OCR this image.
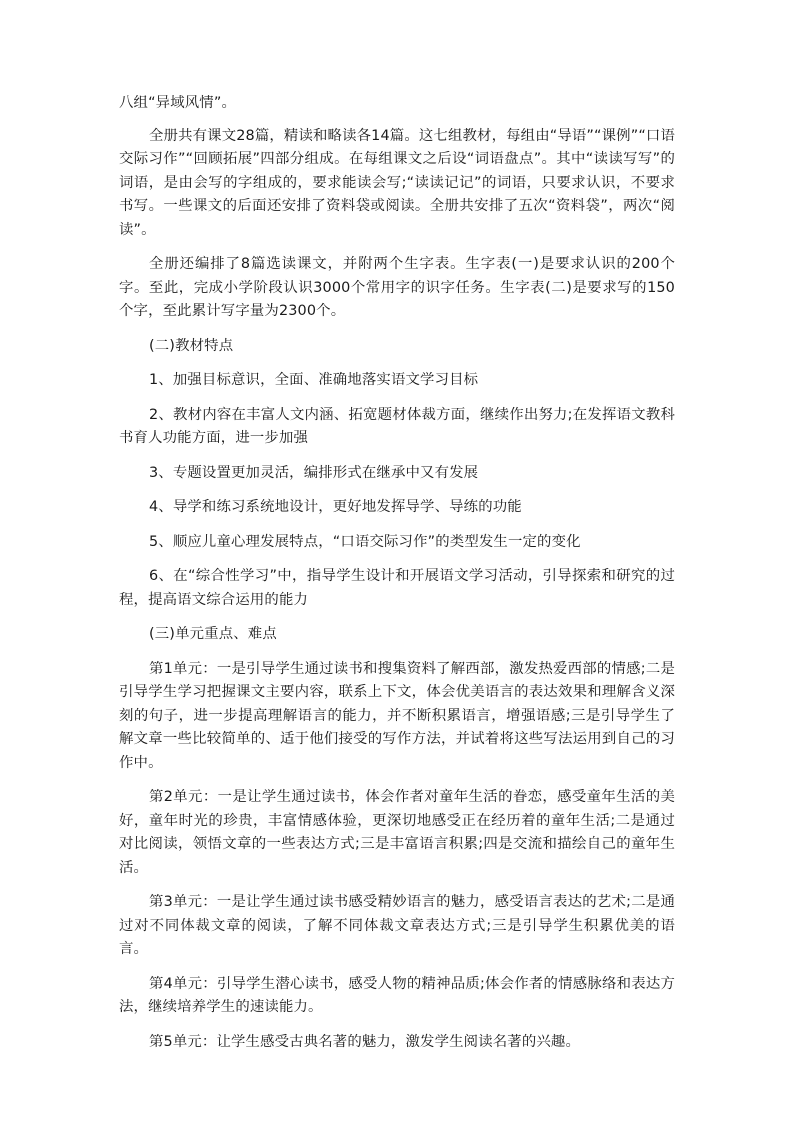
八组“异域风情”。

全册共有课文28篇，精读和略读各14篇。这七组教材，每组由“导语”“课例”“口语交际习作”“回顾拓展”四部分组成。在每组课文之后设“词语盘点”。其中“读读写写”的词语，是由会写的字组成的，要求能读会写;“读读记记”的词语，只要求认识，不要求书写。一些课文的后面还安排了资料袋或阅读。全册共安排了五次“资料袋”，两次“阅读”。

全册还编排了8篇选读课文，并附两个生字表。生字表(一)是要求认识的200个字。至此，完成小学阶段认识3000个常用字的识字任务。生字表(二)是要求写的150个字，至此累计写字量为2300个。

(二)教材特点

1、加强目标意识，全面、准确地落实语文学习目标

2、教材内容在丰富人文内涵、拓宽题材体裁方面，继续作出努力;在发挥语文教科书育人功能方面，进一步加强

3、专题设置更加灵活，编排形式在继承中又有发展

4、导学和练习系统地设计，更好地发挥导学、导练的功能

5、顺应儿童心理发展特点，“口语交际习作”的类型发生一定的变化

6、在“综合性学习”中，指导学生设计和开展语文学习活动，引导探索和研究的过程，提高语文综合运用的能力

(三)单元重点、难点

第1单元：一是引导学生通过读书和搜集资料了解西部，激发热爱西部的情感;二是引导学生学习把握课文主要内容，联系上下文，体会优美语言的表达效果和理解含义深刻的句子，进一步提高理解语言的能力，并不断积累语言，增强语感;三是引导学生了解文章一些比较简单的、适于他们接受的写作方法，并试着将这些写法运用到自己的习作中。

第2单元：一是让学生通过读书，体会作者对童年生活的眷恋，感受童年生活的美好，童年时光的珍贵，丰富情感体验，更深切地感受正在经历着的童年生活;二是通过对比阅读，领悟文章的一些表达方式;三是丰富语言积累;四是交流和描绘自己的童年生活。

第3单元：一是让学生通过读书感受精妙语言的魅力，感受语言表达的艺术;二是通过对不同体裁文章的阅读，了解不同体裁文章表达方式;三是引导学生积累优美的语言。

第4单元：引导学生潜心读书，感受人物的精神品质;体会作者的情感脉络和表达方法，继续培养学生的速读能力。

第5单元：让学生感受古典名著的魅力，激发学生阅读名著的兴趣。
